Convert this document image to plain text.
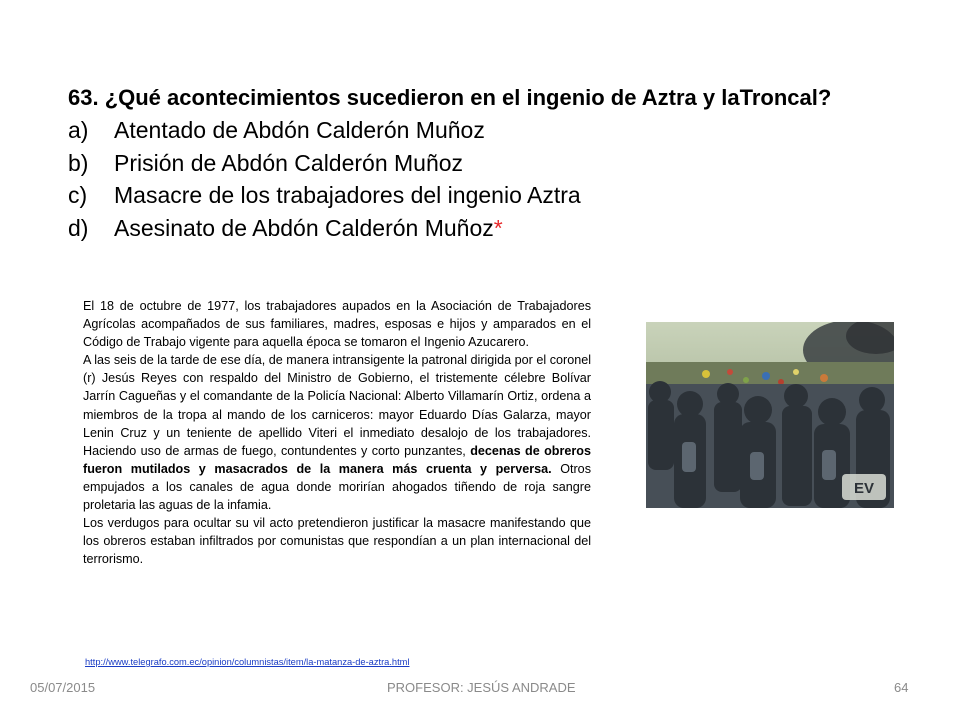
63. ¿Qué acontecimientos sucedieron en el ingenio de Aztra y laTroncal?
a) Atentado de Abdón Calderón Muñoz
b) Prisión de Abdón Calderón Muñoz
c) Masacre de los trabajadores del ingenio Aztra
d) Asesinato de Abdón Calderón Muñoz*

El 18 de octubre de 1977, los trabajadores aupados en la Asociación de Trabajadores Agrícolas acompañados de sus familiares, madres, esposas e hijos y amparados en el Código de Trabajo vigente para aquella época se tomaron el Ingenio Azucarero.

A las seis de la tarde de ese día, de manera intransigente la patronal dirigida por el coronel (r) Jesús Reyes con respaldo del Ministro de Gobierno, el tristemente célebre Bolívar Jarrín Cagueñas y el comandante de la Policía Nacional: Alberto Villamarín Ortiz, ordena a miembros de la tropa al mando de los carniceros: mayor Eduardo Días Galarza, mayor Lenin Cruz y un teniente de apellido Viteri el inmediato desalojo de los trabajadores. Haciendo uso de armas de fuego, contundentes y corto punzantes, decenas de obreros fueron mutilados y masacrados de la manera más cruenta y perversa. Otros empujados a los canales de agua donde morirían ahogados tiñendo de roja sangre proletaria las aguas de la infamia.

Los verdugos para ocultar su vil acto pretendieron justificar la masacre manifestando que los obreros estaban infiltrados por comunistas que respondían a un plan internacional del terrorismo.

EV
http://www.telegrafo.com.ec/opinion/columnistas/item/la-matanza-de-aztra.html
05/07/2015	PROFESOR: JESÚS ANDRADE	64
